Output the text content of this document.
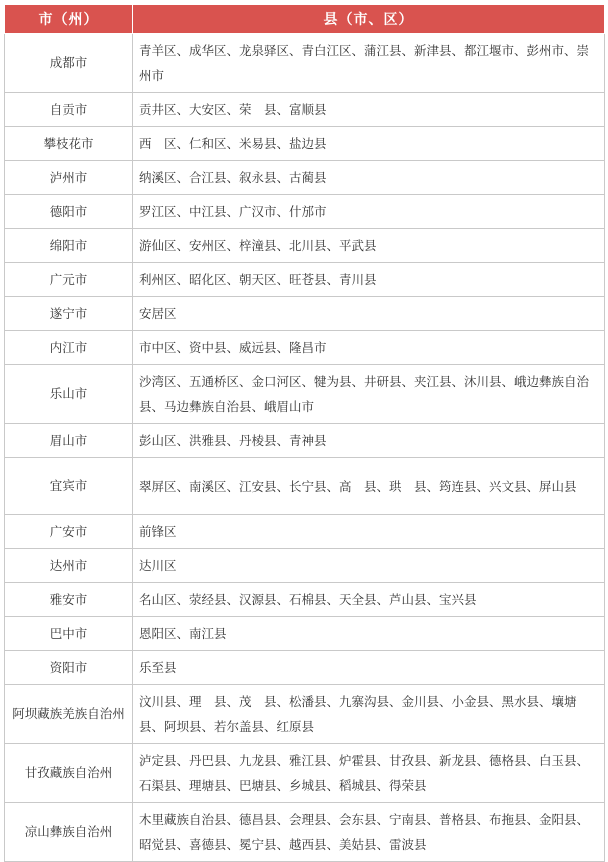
市（州）	县（市、区）
成都市	青羊区、成华区、龙泉驿区、青白江区、蒲江县、新津县、都江堰市、彭州市、崇州市
自贡市	贡井区、大安区、荣　县、富顺县
攀枝花市	西　区、仁和区、米易县、盐边县
泸州市	纳溪区、合江县、叙永县、古蔺县
德阳市	罗江区、中江县、广汉市、什邡市
绵阳市	游仙区、安州区、梓潼县、北川县、平武县
广元市	利州区、昭化区、朝天区、旺苍县、青川县
遂宁市	安居区
内江市	市中区、资中县、威远县、隆昌市
乐山市	沙湾区、五通桥区、金口河区、犍为县、井研县、夹江县、沐川县、峨边彝族自治县、马边彝族自治县、峨眉山市
眉山市	彭山区、洪雅县、丹棱县、青神县
宜宾市	翠屏区、南溪区、江安县、长宁县、高　县、珙　县、筠连县、兴文县、屏山县
广安市	前锋区
达州市	达川区
雅安市	名山区、荥经县、汉源县、石棉县、天全县、芦山县、宝兴县
巴中市	恩阳区、南江县
资阳市	乐至县
阿坝藏族羌族自治州	汶川县、理　县、茂　县、松潘县、九寨沟县、金川县、小金县、黑水县、壤塘县、阿坝县、若尔盖县、红原县
甘孜藏族自治州	泸定县、丹巴县、九龙县、雅江县、炉霍县、甘孜县、新龙县、德格县、白玉县、石渠县、理塘县、巴塘县、乡城县、稻城县、得荣县
凉山彝族自治州	木里藏族自治县、德昌县、会理县、会东县、宁南县、普格县、布拖县、金阳县、昭觉县、喜德县、冕宁县、越西县、美姑县、雷波县
